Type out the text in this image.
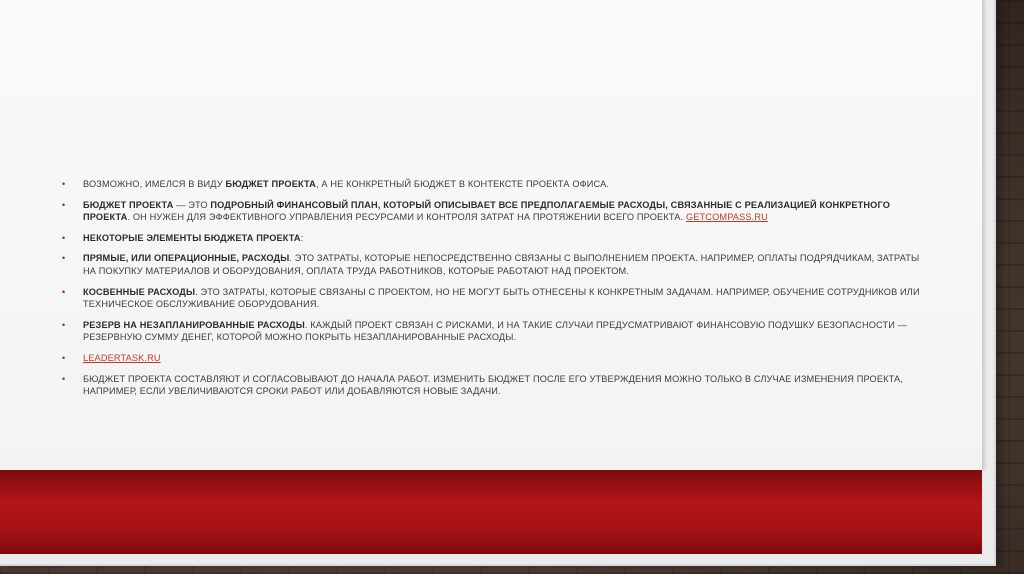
• ВОЗМОЖНО, ИМЕЛСЯ В ВИДУ БЮДЖЕТ ПРОЕКТА, А НЕ КОНКРЕТНЫЙ БЮДЖЕТ В КОНТЕКСТЕ ПРОЕКТА ОФИСА.
• БЮДЖЕТ ПРОЕКТА — ЭТО ПОДРОБНЫЙ ФИНАНСОВЫЙ ПЛАН, КОТОРЫЙ ОПИСЫВАЕТ ВСЕ ПРЕДПОЛАГАЕМЫЕ РАСХОДЫ, СВЯЗАННЫЕ С РЕАЛИЗАЦИЕЙ КОНКРЕТНОГО ПРОЕКТА. ОН НУЖЕН ДЛЯ ЭФФЕКТИВНОГО УПРАВЛЕНИЯ РЕСУРСАМИ И КОНТРОЛЯ ЗАТРАТ НА ПРОТЯЖЕНИИ ВСЕГО ПРОЕКТА. GETCOMPASS.RU
• НЕКОТОРЫЕ ЭЛЕМЕНТЫ БЮДЖЕТА ПРОЕКТА:
• ПРЯМЫЕ, ИЛИ ОПЕРАЦИОННЫЕ, РАСХОДЫ. ЭТО ЗАТРАТЫ, КОТОРЫЕ НЕПОСРЕДСТВЕННО СВЯЗАНЫ С ВЫПОЛНЕНИЕМ ПРОЕКТА. НАПРИМЕР, ОПЛАТЫ ПОДРЯДЧИКАМ, ЗАТРАТЫ НА ПОКУПКУ МАТЕРИАЛОВ И ОБОРУДОВАНИЯ, ОПЛАТА ТРУДА РАБОТНИКОВ, КОТОРЫЕ РАБОТАЮТ НАД ПРОЕКТОМ.
• КОСВЕННЫЕ РАСХОДЫ. ЭТО ЗАТРАТЫ, КОТОРЫЕ СВЯЗАНЫ С ПРОЕКТОМ, НО НЕ МОГУТ БЫТЬ ОТНЕСЕНЫ К КОНКРЕТНЫМ ЗАДАЧАМ. НАПРИМЕР, ОБУЧЕНИЕ СОТРУДНИКОВ ИЛИ ТЕХНИЧЕСКОЕ ОБСЛУЖИВАНИЕ ОБОРУДОВАНИЯ.
• РЕЗЕРВ НА НЕЗАПЛАНИРОВАННЫЕ РАСХОДЫ. КАЖДЫЙ ПРОЕКТ СВЯЗАН С РИСКАМИ, И НА ТАКИЕ СЛУЧАИ ПРЕДУСМАТРИВАЮТ ФИНАНСОВУЮ ПОДУШКУ БЕЗОПАСНОСТИ — РЕЗЕРВНУЮ СУММУ ДЕНЕГ, КОТОРОЙ МОЖНО ПОКРЫТЬ НЕЗАПЛАНИРОВАННЫЕ РАСХОДЫ.
• LEADERTASK.RU
• БЮДЖЕТ ПРОЕКТА СОСТАВЛЯЮТ И СОГЛАСОВЫВАЮТ ДО НАЧАЛА РАБОТ. ИЗМЕНИТЬ БЮДЖЕТ ПОСЛЕ ЕГО УТВЕРЖДЕНИЯ МОЖНО ТОЛЬКО В СЛУЧАЕ ИЗМЕНЕНИЯ ПРОЕКТА, НАПРИМЕР, ЕСЛИ УВЕЛИЧИВАЮТСЯ СРОКИ РАБОТ ИЛИ ДОБАВЛЯЮТСЯ НОВЫЕ ЗАДАЧИ.
